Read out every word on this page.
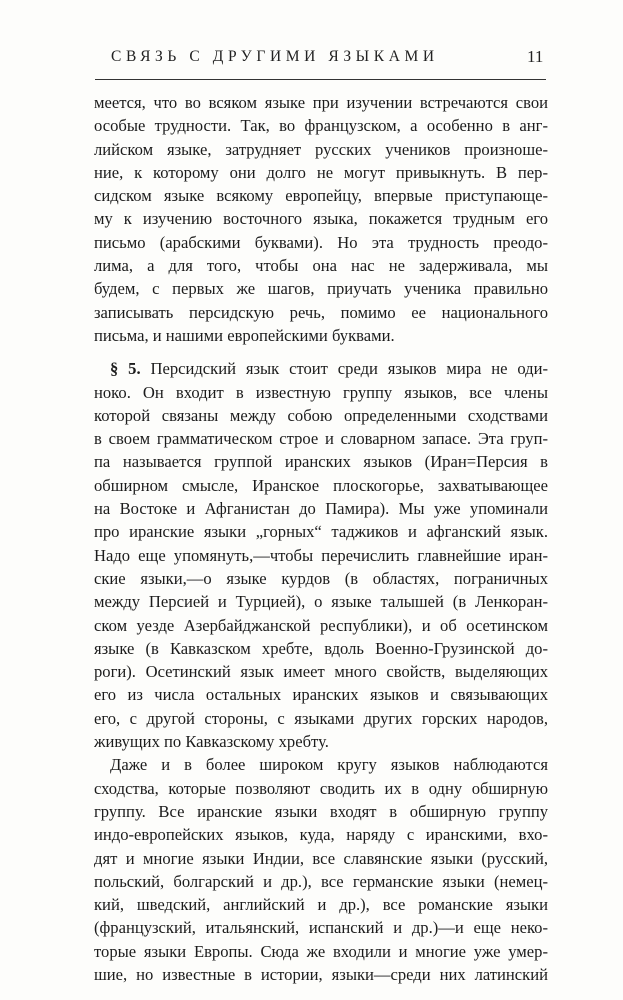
СВЯЗЬ С ДРУГИМИ ЯЗЫКАМИ	11
меется, что во всяком языке при изучении встречаются свои
особые трудности. Так, во французском, а особенно в анг-
лийском языке, затрудняет русских учеников произноше-
ние, к которому они долго не могут привыкнуть. В пер-
сидском языке всякому европейцу, впервые приступающе-
му к изучению восточного языка, покажется трудным его
письмо (арабскими буквами). Но эта трудность преодо-
лима, а для того, чтобы она нас не задерживала, мы
будем, с первых же шагов, приучать ученика правильно
записывать персидскую речь, помимо ее национального
письма, и нашими европейскими буквами.
§ 5. Персидский язык стоит среди языков мира не оди-
ноко. Он входит в известную группу языков, все члены
которой связаны между собою определенными сходствами
в своем грамматическом строе и словарном запасе. Эта груп-
па называется группой иранских языков (Иран=Персия в
обширном смысле, Иранское плоскогорье, захватывающее
на Востоке и Афганистан до Памира). Мы уже упоминали
про иранские языки „горных“ таджиков и афганский язык.
Надо еще упомянуть,—чтобы перечислить главнейшие иран-
ские языки,—о языке курдов (в областях, пограничных
между Персией и Турцией), о языке талышей (в Ленкоран-
ском уезде Азербайджанской республики), и об осетинском
языке (в Кавказском хребте, вдоль Военно-Грузинской до-
роги). Осетинский язык имеет много свойств, выделяющих
его из числа остальных иранских языков и связывающих
его, с другой стороны, с языками других горских народов,
живущих по Кавказскому хребту.
Даже и в более широком кругу языков наблюдаются
сходства, которые позволяют сводить их в одну обширную
группу. Все иранские языки входят в обширную группу
индо-европейских языков, куда, наряду с иранскими, вхо-
дят и многие языки Индии, все славянские языки (русский,
польский, болгарский и др.), все германские языки (немец-
кий, шведский, английский и др.), все романские языки
(французский, итальянский, испанский и др.)—и еще неко-
торые языки Европы. Сюда же входили и многие уже умер-
шие, но известные в истории, языки—среди них латинский
